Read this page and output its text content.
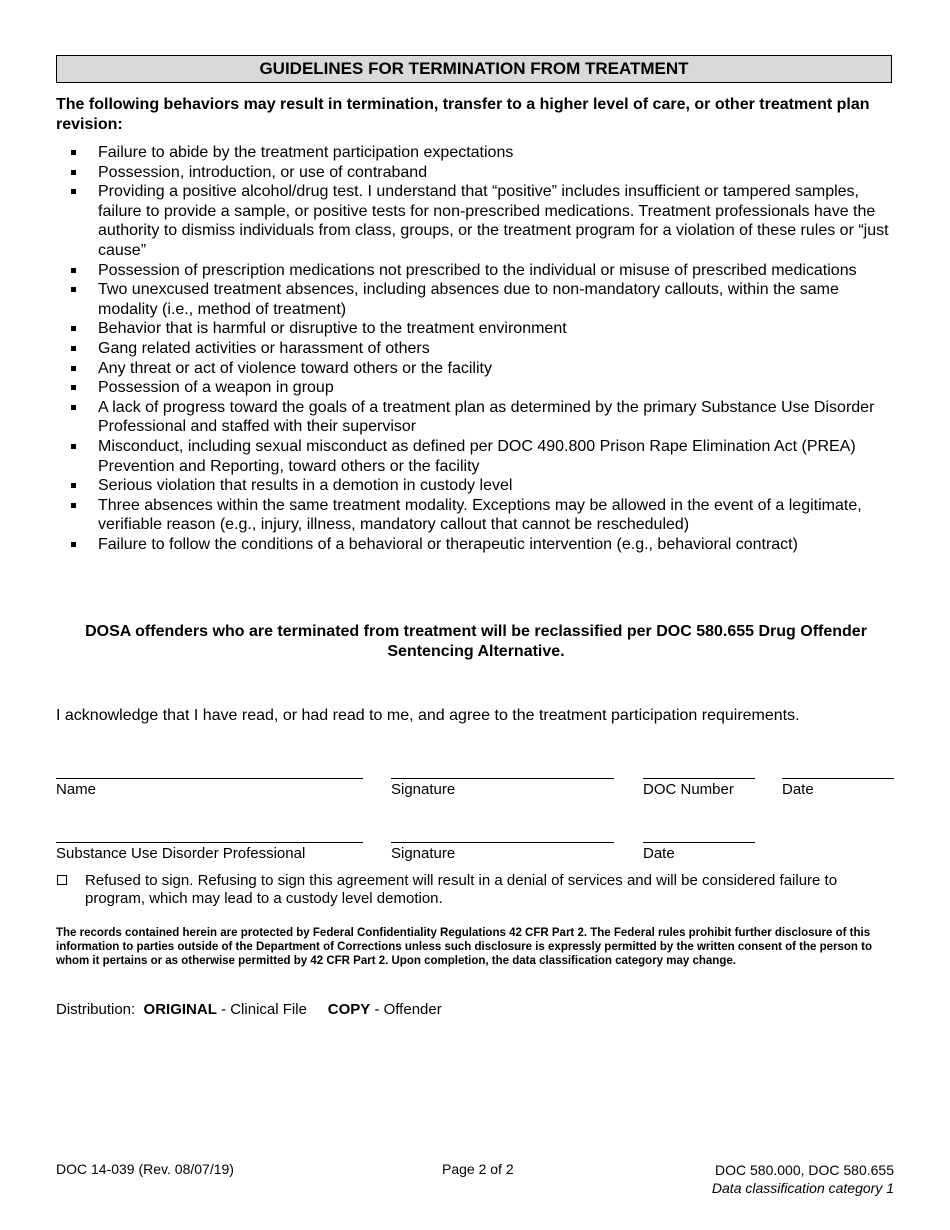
GUIDELINES FOR TERMINATION FROM TREATMENT

The following behaviors may result in termination, transfer to a higher level of care, or other treatment plan revision:

Failure to abide by the treatment participation expectations
Possession, introduction, or use of contraband
Providing a positive alcohol/drug test. I understand that “positive” includes insufficient or tampered samples, failure to provide a sample, or positive tests for non-prescribed medications. Treatment professionals have the authority to dismiss individuals from class, groups, or the treatment program for a violation of these rules or “just cause”
Possession of prescription medications not prescribed to the individual or misuse of prescribed medications
Two unexcused treatment absences, including absences due to non-mandatory callouts, within the same modality (i.e., method of treatment)
Behavior that is harmful or disruptive to the treatment environment
Gang related activities or harassment of others
Any threat or act of violence toward others or the facility
Possession of a weapon in group
A lack of progress toward the goals of a treatment plan as determined by the primary Substance Use Disorder Professional and staffed with their supervisor
Misconduct, including sexual misconduct as defined per DOC 490.800 Prison Rape Elimination Act (PREA) Prevention and Reporting, toward others or the facility
Serious violation that results in a demotion in custody level
Three absences within the same treatment modality. Exceptions may be allowed in the event of a legitimate, verifiable reason (e.g., injury, illness, mandatory callout that cannot be rescheduled)
Failure to follow the conditions of a behavioral or therapeutic intervention (e.g., behavioral contract)

DOSA offenders who are terminated from treatment will be reclassified per DOC 580.655 Drug Offender Sentencing Alternative.

I acknowledge that I have read, or had read to me, and agree to the treatment participation requirements.

Name	Signature	DOC Number	Date
Substance Use Disorder Professional	Signature	Date
Refused to sign. Refusing to sign this agreement will result in a denial of services and will be considered failure to program, which may lead to a custody level demotion.

The records contained herein are protected by Federal Confidentiality Regulations 42 CFR Part 2. The Federal rules prohibit further disclosure of this information to parties outside of the Department of Corrections unless such disclosure is expressly permitted by the written consent of the person to whom it pertains or as otherwise permitted by 42 CFR Part 2. Upon completion, the data classification category may change.

Distribution: ORIGINAL - Clinical File COPY - Offender
DOC 14-039 (Rev. 08/07/19)	Page 2 of 2	DOC 580.000, DOC 580.655
Data classification category 1
